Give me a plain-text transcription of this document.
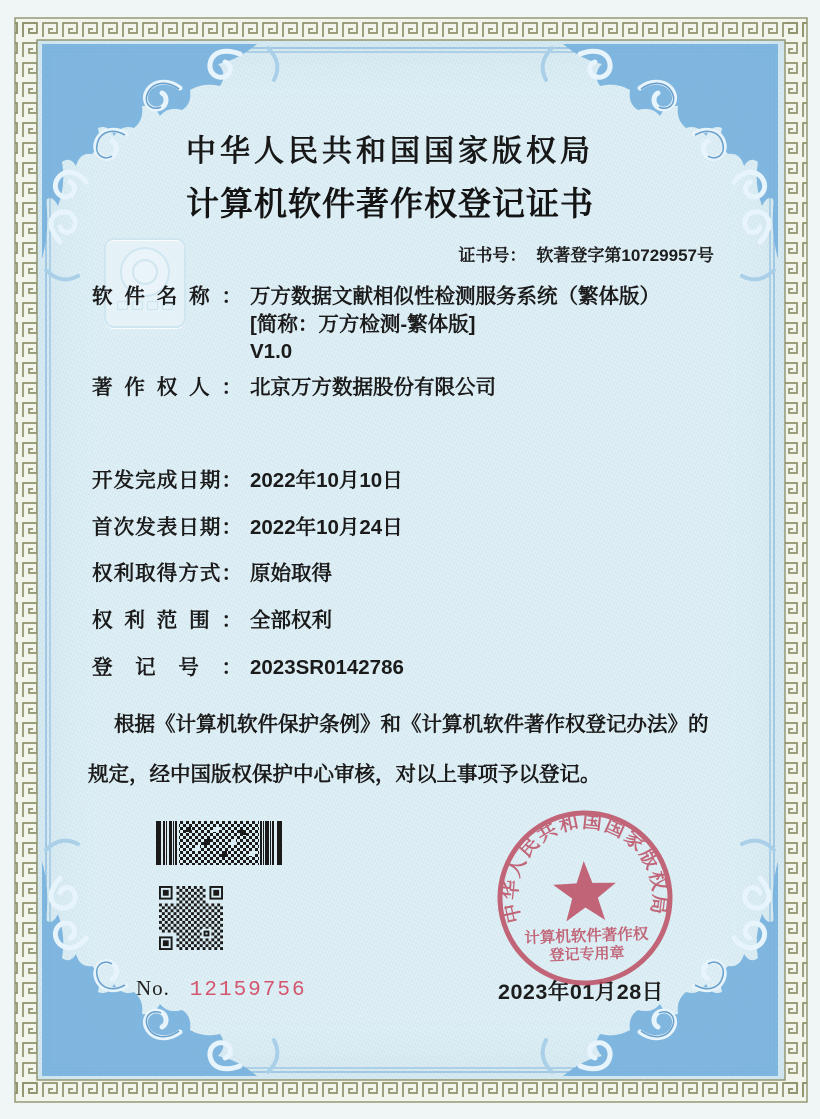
中华人民共和国国家版权局
计算机软件著作权登记证书
证书号： 软著登字第10729957号
软件名称： 万方数据文献相似性检测服务系统（繁体版）
[简称：万方检测-繁体版]
V1.0
著作权人： 北京万方数据股份有限公司
开发完成日期： 2022年10月10日
首次发表日期： 2022年10月24日
权利取得方式： 原始取得
权利范围： 全部权利
登记号： 2023SR0142786
根据《计算机软件保护条例》和《计算机软件著作权登记办法》的
规定，经中国版权保护中心审核，对以上事项予以登记。
No. 12159756	2023年01月28日
中华人民共和国国家版权局
计算机软件著作权
登记专用章
